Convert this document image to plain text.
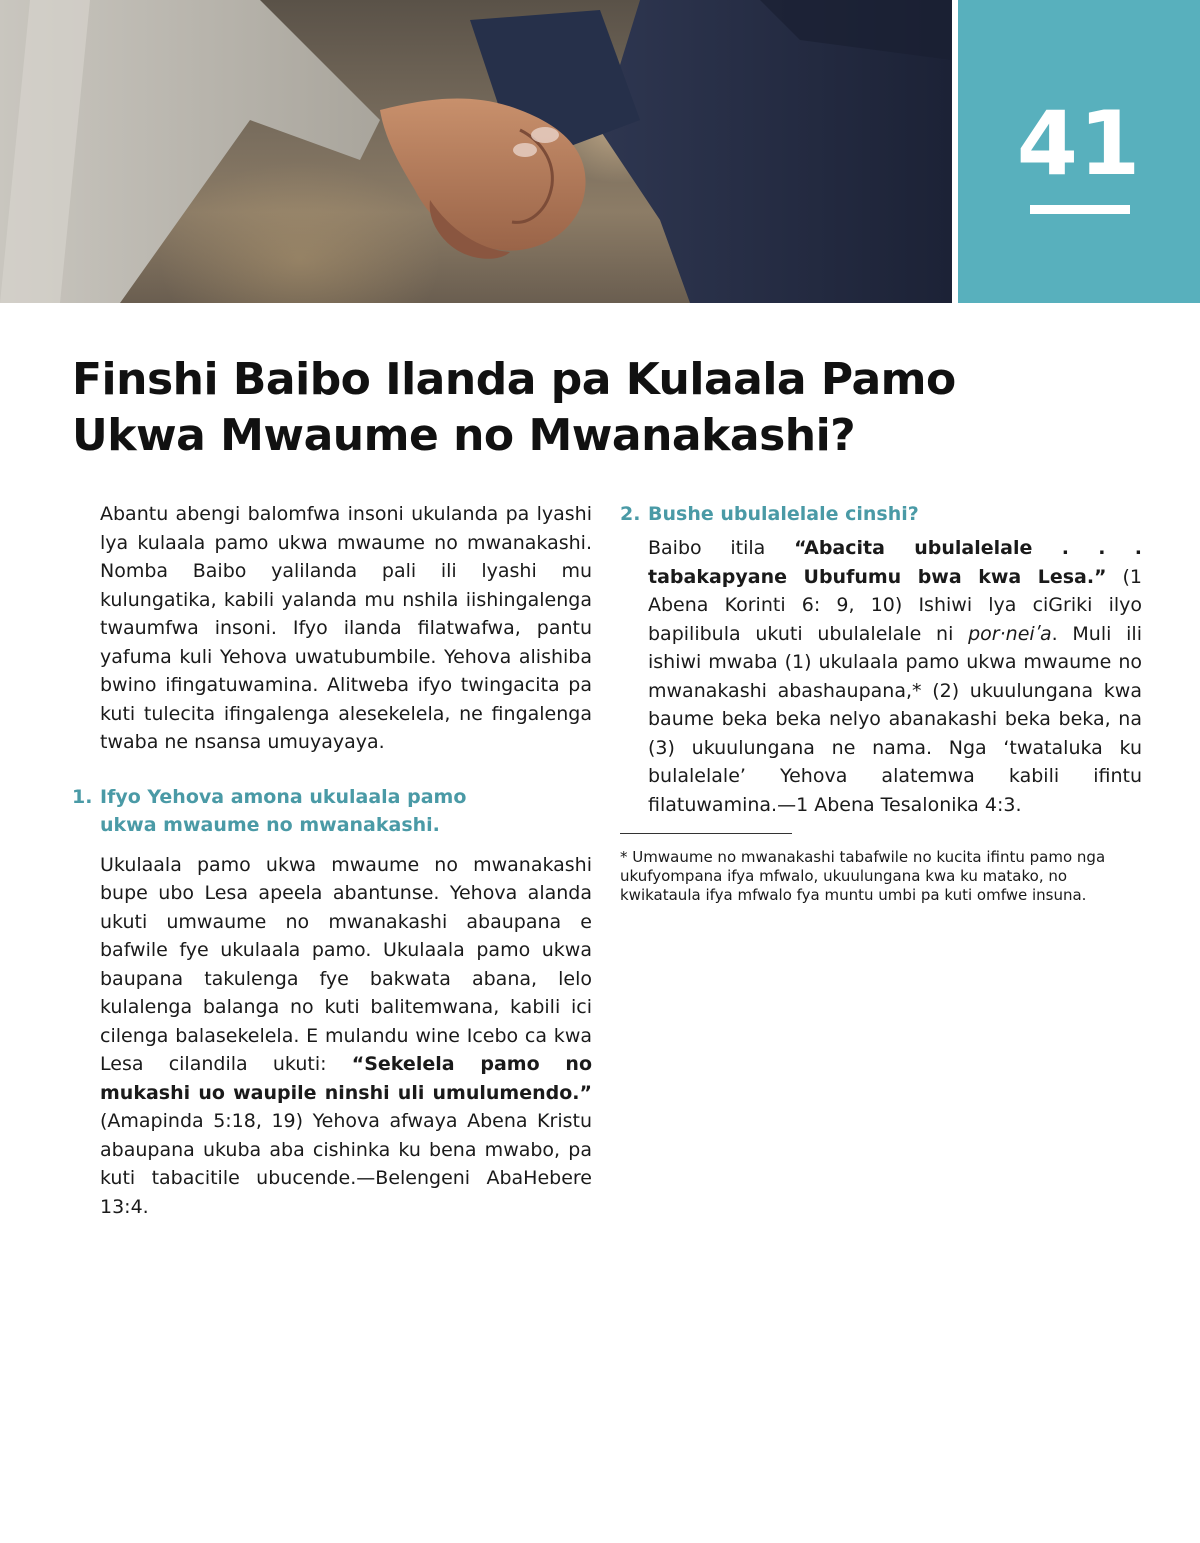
41
Finshi Baibo Ilanda pa Kulaala Pamo
Ukwa Mwaume no Mwanakashi?

Abantu abengi balomfwa insoni ukulanda pa lyashi lya kulaala pamo ukwa mwaume no mwanakashi. Nomba Baibo yalilanda pali ili lyashi mu kulungatika, kabili yalanda mu nshila iishingalenga twaumfwa insoni. Ifyo ilanda filatwafwa, pantu yafuma kuli Yehova uwatubumbile. Yehova alishiba bwino ifingatuwamina. Alitweba ifyo twingacita pa kuti tulecita ifingalenga alesekelela, ne fingalenga twaba ne nsansa umuyayaya.

1. Ifyo Yehova amona ukulaala pamo
ukwa mwaume no mwanakashi.

Ukulaala pamo ukwa mwaume no mwanakashi bupe ubo Lesa apeela abantunse. Yehova alanda ukuti umwaume no mwanakashi abaupana e bafwile fye ukulaala pamo. Ukulaala pamo ukwa baupana takulenga fye bakwata abana, lelo kulalenga balanga no kuti balitemwana, kabili ici cilenga balasekelela. E mulandu wine Icebo ca kwa Lesa cilandila ukuti: “Sekelela pamo no mukashi uo waupile ninshi uli umulumendo.” (Amapinda 5:18, 19) Yehova afwaya Abena Kristu abaupana ukuba aba cishinka ku bena mwabo, pa kuti tabacitile ubucende.—Belengeni AbaHebere 13:4.

2. Bushe ubulalelale cinshi?

Baibo itila “Abacita ubulalelale . . . tabakapyane Ubufumu bwa kwa Lesa.” (1 Abena Korinti 6: 9, 10) Ishiwi lya ciGriki ilyo bapilibula ukuti ubulalelale ni por·neiʹa. Muli ili ishiwi mwaba (1) ukulaala pamo ukwa mwaume no mwanakashi abashaupana,* (2) ukuulungana kwa baume beka beka nelyo abanakashi beka beka, na (3) ukuulungana ne nama. Nga ‘twataluka ku bulalelale’ Yehova alatemwa kabili ifintu filatuwamina.—1 Abena Tesalonika 4:3.

* Umwaume no mwanakashi tabafwile no kucita ifintu pamo nga ukufyompana ifya mfwalo, ukuulungana kwa ku matako, no kwikataula ifya mfwalo fya muntu umbi pa kuti omfwe insuna.
